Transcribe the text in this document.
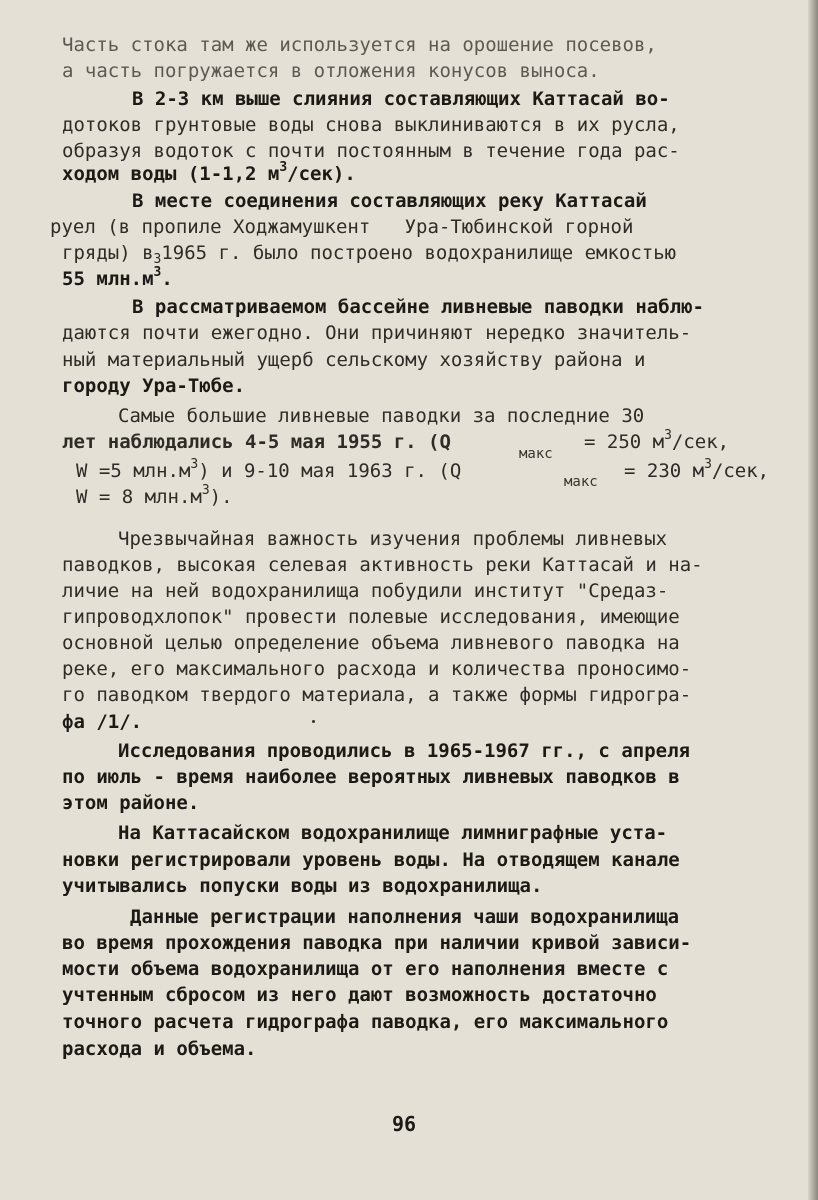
Часть стока там же используется на орошение посевов,
а часть погружается в отложения конусов выноса.
В 2-3 км выше слияния составляющих Каттасай во-
дотоков грунтовые воды снова выклиниваются в их русла,
образуя водоток с почти постоянным в течение года рас-
ходом воды (1-1,2 $м^3/сек$).
В месте соединения составляющих реку Каттасай
руел (в пропиле Ходжамушкент   Ура-Тюбинской горной
гряды) $в_31965$ г. было построено водохранилище емкостью
55 $млн.м^3$.
В рассматриваемом бассейне ливневые паводки наблю-
даются почти ежегодно. Они причиняют нередко значитель-
ный материальный ущерб сельскому хозяйству района и
городу Ура-Тюбе.
Самые большие ливневые паводки за последние 30
лет наблюдались 4-5 мая 1955 г. (Q	= 250 $м^3$/сек,
макс
W =5 $млн.м^3$) и 9-10 мая 1963 г. (Q	= 230 $м^3$/сек,
макс
W = 8 $млн.м^3$).
Чрезвычайная важность изучения проблемы ливневых
паводков, высокая селевая активность реки Каттасай и на-
личие на ней водохранилища побудили институт "Средаз-
гипроводхлопок" провести полевые исследования, имеющие
основной целью определение объема ливневого паводка на
реке, его максимального расхода и количества проносимо-
го паводком твердого материала, а также формы гидрогра-
фа /1/.
Исследования проводились в 1965-1967 гг., с апреля
по июль - время наиболее вероятных ливневых паводков в
этом районе.
На Каттасайском водохранилище лимниграфные уста-
новки регистрировали уровень воды. На отводящем канале
учитывались попуски воды из водохранилища.
Данные регистрации наполнения чаши водохранилища
во время прохождения паводка при наличии кривой зависи-
мости объема водохранилища от его наполнения вместе с
учтенным сбросом из него дают возможность достаточно
точного расчета гидрографа паводка, его максимального
расхода и объема.
96
